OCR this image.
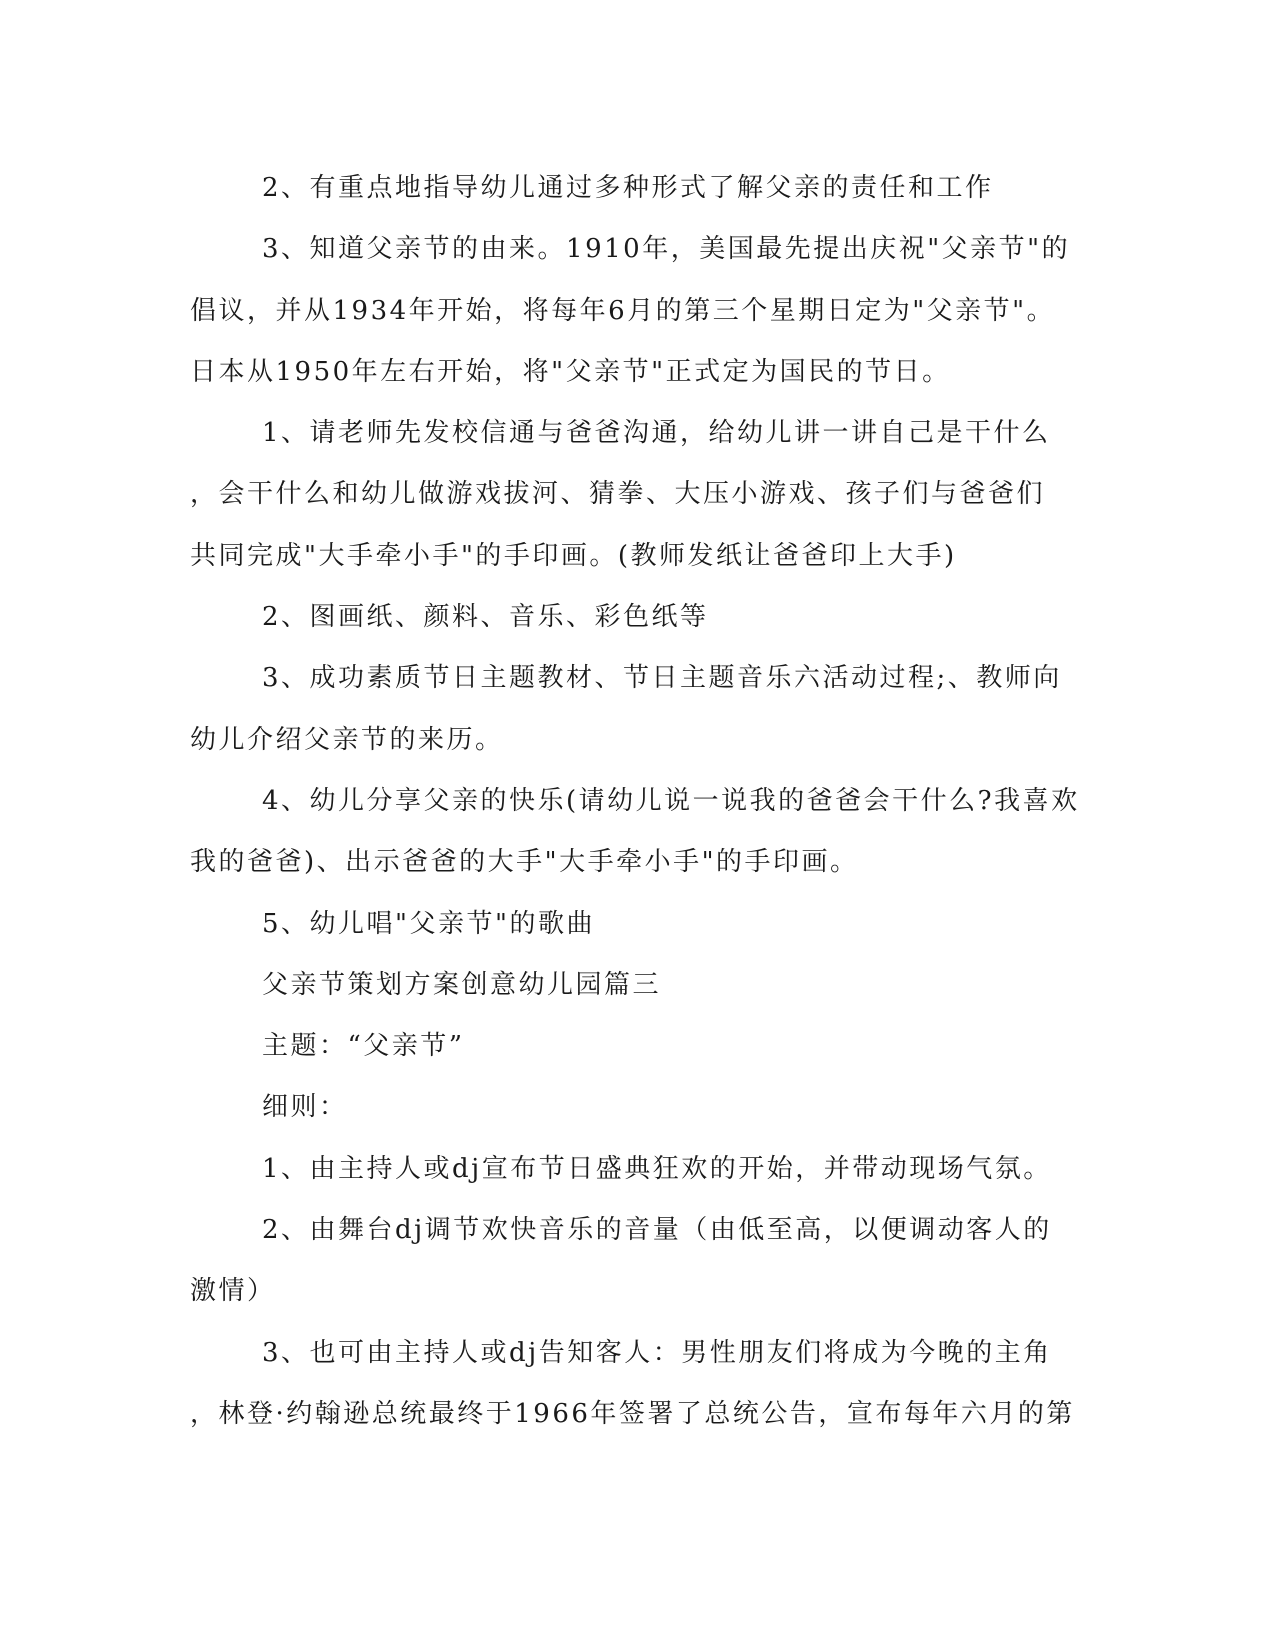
2、有重点地指导幼儿通过多种形式了解父亲的责任和工作
3、知道父亲节的由来。1910年，美国最先提出庆祝"父亲节"的
倡议，并从1934年开始，将每年6月的第三个星期日定为"父亲节"。
日本从1950年左右开始，将"父亲节"正式定为国民的节日。
1、请老师先发校信通与爸爸沟通，给幼儿讲一讲自己是干什么
，会干什么和幼儿做游戏拔河、猜拳、大压小游戏、孩子们与爸爸们
共同完成"大手牵小手"的手印画。(教师发纸让爸爸印上大手)
2、图画纸、颜料、音乐、彩色纸等
3、成功素质节日主题教材、节日主题音乐六活动过程;、教师向
幼儿介绍父亲节的来历。
4、幼儿分享父亲的快乐(请幼儿说一说我的爸爸会干什么?我喜欢
我的爸爸)、出示爸爸的大手"大手牵小手"的手印画。
5、幼儿唱"父亲节"的歌曲
父亲节策划方案创意幼儿园篇三
主题：“父亲节”
细则：
1、由主持人或dj宣布节日盛典狂欢的开始，并带动现场气氛。
2、由舞台dj调节欢快音乐的音量（由低至高，以便调动客人的
激情）
3、也可由主持人或dj告知客人：男性朋友们将成为今晚的主角
，林登·约翰逊总统最终于1966年签署了总统公告，宣布每年六月的第
